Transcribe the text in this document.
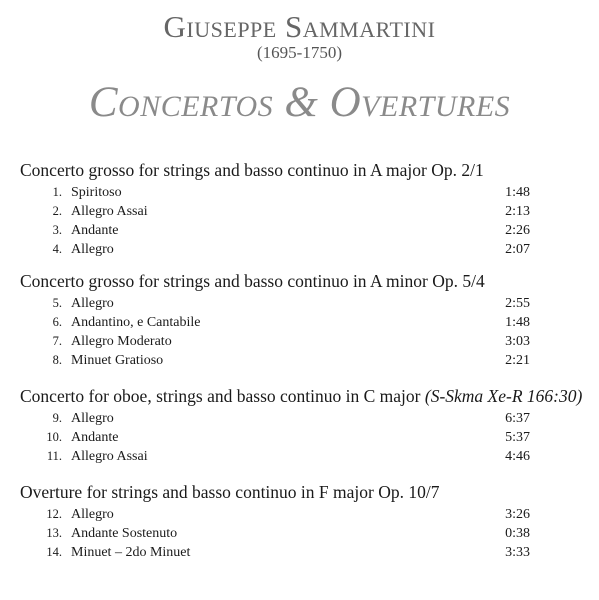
Giuseppe Sammartini
(1695-1750)
Concertos & Overtures
Concerto grosso for strings and basso continuo in A major Op. 2/1
1. Spiritoso	1:48
2. Allegro Assai	2:13
3. Andante	2:26
4. Allegro	2:07
Concerto grosso for strings and basso continuo in A minor Op. 5/4
5. Allegro	2:55
6. Andantino, e Cantabile	1:48
7. Allegro Moderato	3:03
8. Minuet Gratioso	2:21
Concerto for oboe, strings and basso continuo in C major (S-Skma Xe-R 166:30)
9. Allegro	6:37
10. Andante	5:37
11. Allegro Assai	4:46
Overture for strings and basso continuo in F major Op. 10/7
12. Allegro	3:26
13. Andante Sostenuto	0:38
14. Minuet – 2do Minuet	3:33
